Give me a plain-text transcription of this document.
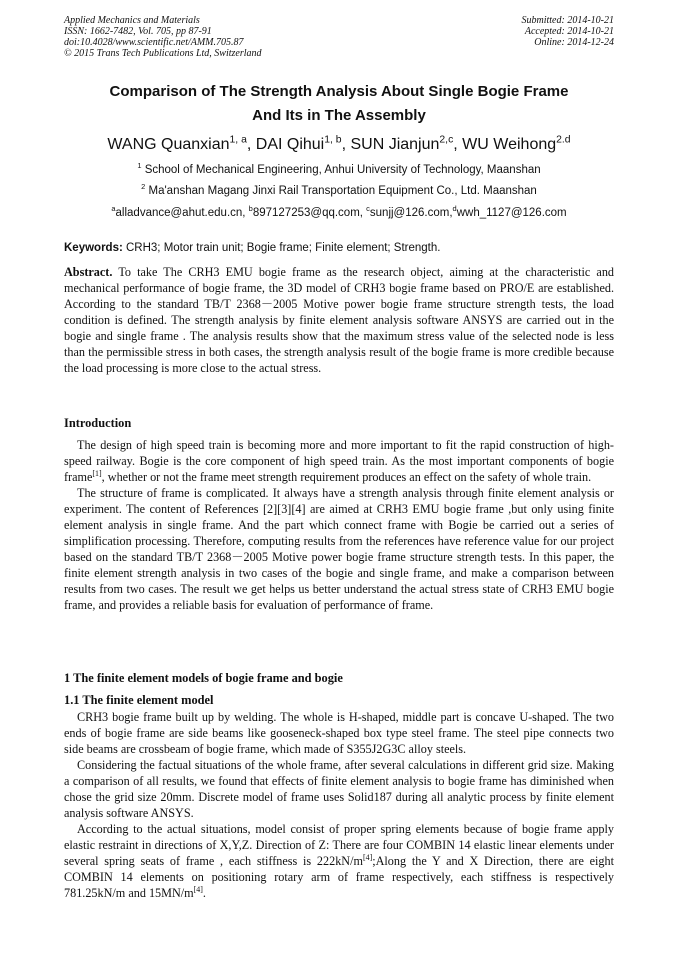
Applied Mechanics and Materials
ISSN: 1662-7482, Vol. 705, pp 87-91
doi:10.4028/www.scientific.net/AMM.705.87
© 2015 Trans Tech Publications Ltd, Switzerland
Submitted: 2014-10-21
Accepted: 2014-10-21
Online: 2014-12-24
Comparison of The Strength Analysis About Single Bogie Frame
And Its in The Assembly
WANG Quanxian$^{1, a}$, DAI Qihui$^{1, b}$, SUN Jianjun$^{2,c}$, WU Weihong$^{2.d}$
$^1$ School of Mechanical Engineering, Anhui University of Technology, Maanshan
$^2$ Ma'anshan Magang Jinxi Rail Transportation Equipment Co., Ltd. Maanshan
$^a$alladvance@ahut.edu.cn, $^b$897127253@qq.com, $^c$sunjj@126.com,$^d$wwh_1127@126.com
Keywords: CRH3; Motor train unit; Bogie frame; Finite element; Strength.

Abstract. To take The CRH3 EMU bogie frame as the research object, aiming at the characteristic and mechanical performance of bogie frame, the 3D model of CRH3 bogie frame based on PRO/E are established. According to the standard TB/T 2368－2005 Motive power bogie frame structure strength tests, the load condition is defined. The strength analysis by finite element analysis software ANSYS are carried out in the bogie and single frame . The analysis results show that the maximum stress value of the selected node is less than the permissible stress in both cases, the strength analysis result of the bogie frame is more credible because the load processing is more close to the actual stress.

Introduction

The design of high speed train is becoming more and more important to fit the rapid construction of high-speed railway. Bogie is the core component of high speed train. As the most important components of bogie frame[1], whether or not the frame meet strength requirement produces an effect on the safety of whole train.

The structure of frame is complicated. It always have a strength analysis through finite element analysis or experiment. The content of References [2][3][4] are aimed at CRH3 EMU bogie frame ,but only using finite element analysis in single frame. And the part which connect frame with Bogie be carried out a series of simplification processing. Therefore, computing results from the references have reference value for our project based on the standard TB/T 2368－2005 Motive power bogie frame structure strength tests. In this paper, the finite element strength analysis in two cases of the bogie and single frame, and make a comparison between results from two cases. The result we get helps us better understand the actual stress state of CRH3 EMU bogie frame, and provides a reliable basis for evaluation of performance of frame.

1 The finite element models of bogie frame and bogie
1.1 The finite element model

CRH3 bogie frame built up by welding. The whole is H-shaped, middle part is concave U-shaped. The two ends of bogie frame are side beams like gooseneck-shaped box type steel frame. The steel pipe connects two side beams are crossbeam of bogie frame, which made of S355J2G3C alloy steels.

Considering the factual situations of the whole frame, after several calculations in different grid size. Making a comparison of all results, we found that effects of finite element analysis to bogie frame has diminished when chose the grid size 20mm. Discrete model of frame uses Solid187 during all analytic process by finite element analysis software ANSYS.

According to the actual situations, model consist of proper spring elements because of bogie frame apply elastic restraint in directions of X,Y,Z. Direction of Z: There are four COMBIN 14 elastic linear elements under several spring seats of frame , each stiffness is 222kN/m[4];Along the Y and X Direction, there are eight COMBIN 14 elements on positioning rotary arm of frame respectively, each stiffness is respectively 781.25kN/m and 15MN/m[4].
